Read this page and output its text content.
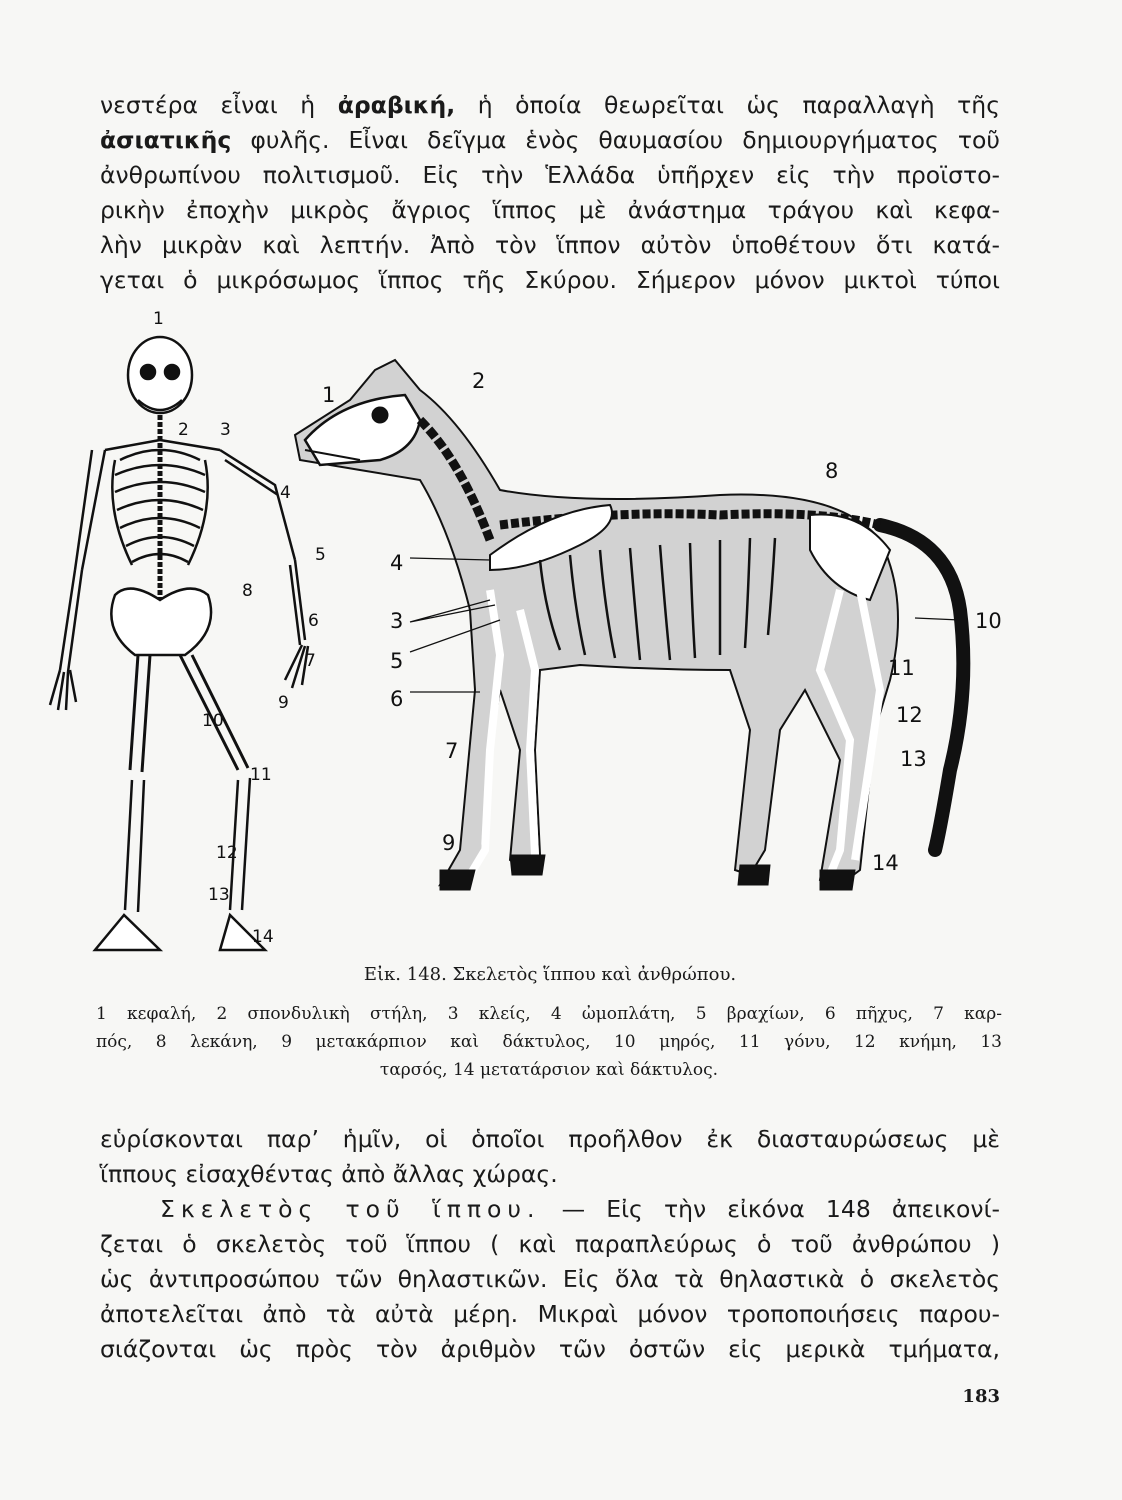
νεστέρα εἶναι ἡ ἀραβική, ἡ ὁποία θεωρεῖται ὡς παραλλαγὴ τῆς
ἀσιατικῆς φυλῆς. Εἶναι δεῖγμα ἑνὸς θαυμασίου δημιουργήματος τοῦ
ἀνθρωπίνου πολιτισμοῦ. Εἰς τὴν Ἑλλάδα ὑπῆρχεν εἰς τὴν προϊστο-
ρικὴν ἐποχὴν μικρὸς ἄγριος ἵππος μὲ ἀνάστημα τράγου καὶ κεφα-
λὴν μικρὰν καὶ λεπτήν. Ἀπὸ τὸν ἵππον αὐτὸν ὑποθέτουν ὅτι κατά-
γεται ὁ μικρόσωμος ἵππος τῆς Σκύρου. Σήμερον μόνον μικτοὶ τύποι
1
2 3
4
5
6
7
8
9
10
11
12
13
14
1
2
3
4
5
6
7
8
9
10
11
12
13
14
Εἰκ. 148. Σκελετὸς ἵππου καὶ ἀνθρώπου.
1 κεφαλή, 2 σπονδυλικὴ στήλη, 3 κλείς, 4 ὠμοπλάτη, 5 βραχίων, 6 πῆχυς, 7 καρ-
πός, 8 λεκάνη, 9 μετακάρπιον καὶ δάκτυλος, 10 μηρός, 11 γόνυ, 12 κνήμη, 13
ταρσός, 14 μετατάρσιον καὶ δάκτυλος.
εὑρίσκονται παρ’ ἡμῖν, οἱ ὁποῖοι προῆλθον ἐκ διασταυρώσεως μὲ
ἵππους εἰσαχθέντας ἀπὸ ἄλλας χώρας.
Σκελετὸς τοῦ ἵππου. — Εἰς τὴν εἰκόνα 148 ἀπεικονί-
ζεται ὁ σκελετὸς τοῦ ἵππου ( καὶ παραπλεύρως ὁ τοῦ ἀνθρώπου )
ὡς ἀντιπροσώπου τῶν θηλαστικῶν. Εἰς ὅλα τὰ θηλαστικὰ ὁ σκελετὸς
ἀποτελεῖται ἀπὸ τὰ αὐτὰ μέρη. Μικραὶ μόνον τροποποιήσεις παρου-
σιάζονται ὡς πρὸς τὸν ἀριθμὸν τῶν ὀστῶν εἰς μερικὰ τμήματα,
183
